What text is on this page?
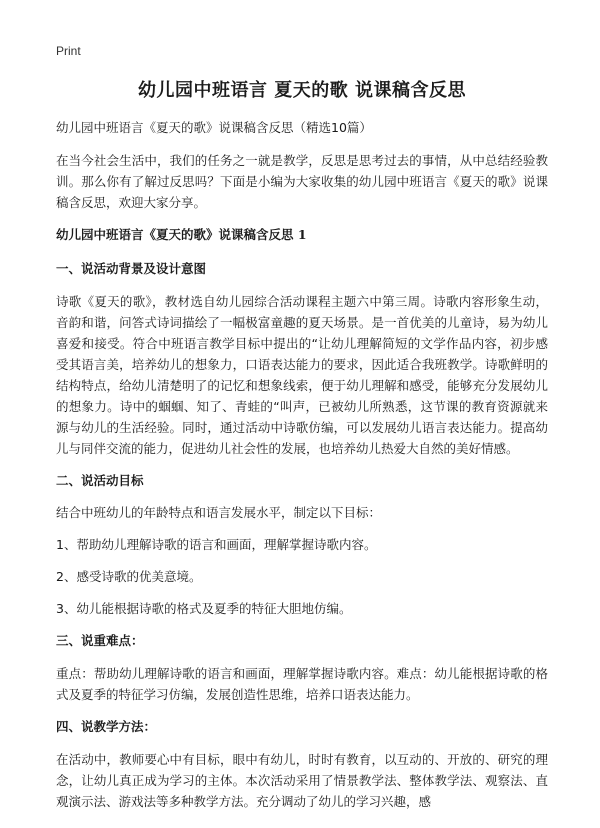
Print
幼儿园中班语言 夏天的歌 说课稿含反思
幼儿园中班语言《夏天的歌》说课稿含反思（精选10篇）
在当今社会生活中，我们的任务之一就是教学，反思是思考过去的事情，从中总结经验教训。那么你有了解过反思吗？下面是小编为大家收集的幼儿园中班语言《夏天的歌》说课稿含反思，欢迎大家分享。
幼儿园中班语言《夏天的歌》说课稿含反思 1
一、说活动背景及设计意图
诗歌《夏天的歌》，教材选自幼儿园综合活动课程主题六中第三周。诗歌内容形象生动，音韵和谐，问答式诗词描绘了一幅极富童趣的夏天场景。是一首优美的儿童诗，易为幼儿喜爱和接受。符合中班语言教学目标中提出的“让幼儿理解简短的文学作品内容，初步感受其语言美，培养幼儿的想象力，口语表达能力的要求，因此适合我班教学。诗歌鲜明的结构特点，给幼儿清楚明了的记忆和想象线索，便于幼儿理解和感受，能够充分发展幼儿的想象力。诗中的蝈蝈、知了、青蛙的“叫声，已被幼儿所熟悉，这节课的教育资源就来源与幼儿的生活经验。同时，通过活动中诗歌仿编，可以发展幼儿语言表达能力。提高幼儿与同伴交流的能力，促进幼儿社会性的发展，也培养幼儿热爱大自然的美好情感。
二、说活动目标
结合中班幼儿的年龄特点和语言发展水平，制定以下目标：
1、帮助幼儿理解诗歌的语言和画面，理解掌握诗歌内容。
2、感受诗歌的优美意境。
3、幼儿能根据诗歌的格式及夏季的特征大胆地仿编。
三、说重难点：
重点：帮助幼儿理解诗歌的语言和画面，理解掌握诗歌内容。难点：幼儿能根据诗歌的格式及夏季的特征学习仿编，发展创造性思维，培养口语表达能力。
四、说教学方法：
在活动中，教师要心中有目标，眼中有幼儿，时时有教育，以互动的、开放的、研究的理念，让幼儿真正成为学习的主体。本次活动采用了情景教学法、整体教学法、观察法、直观演示法、游戏法等多种教学方法。充分调动了幼儿的学习兴趣，感
